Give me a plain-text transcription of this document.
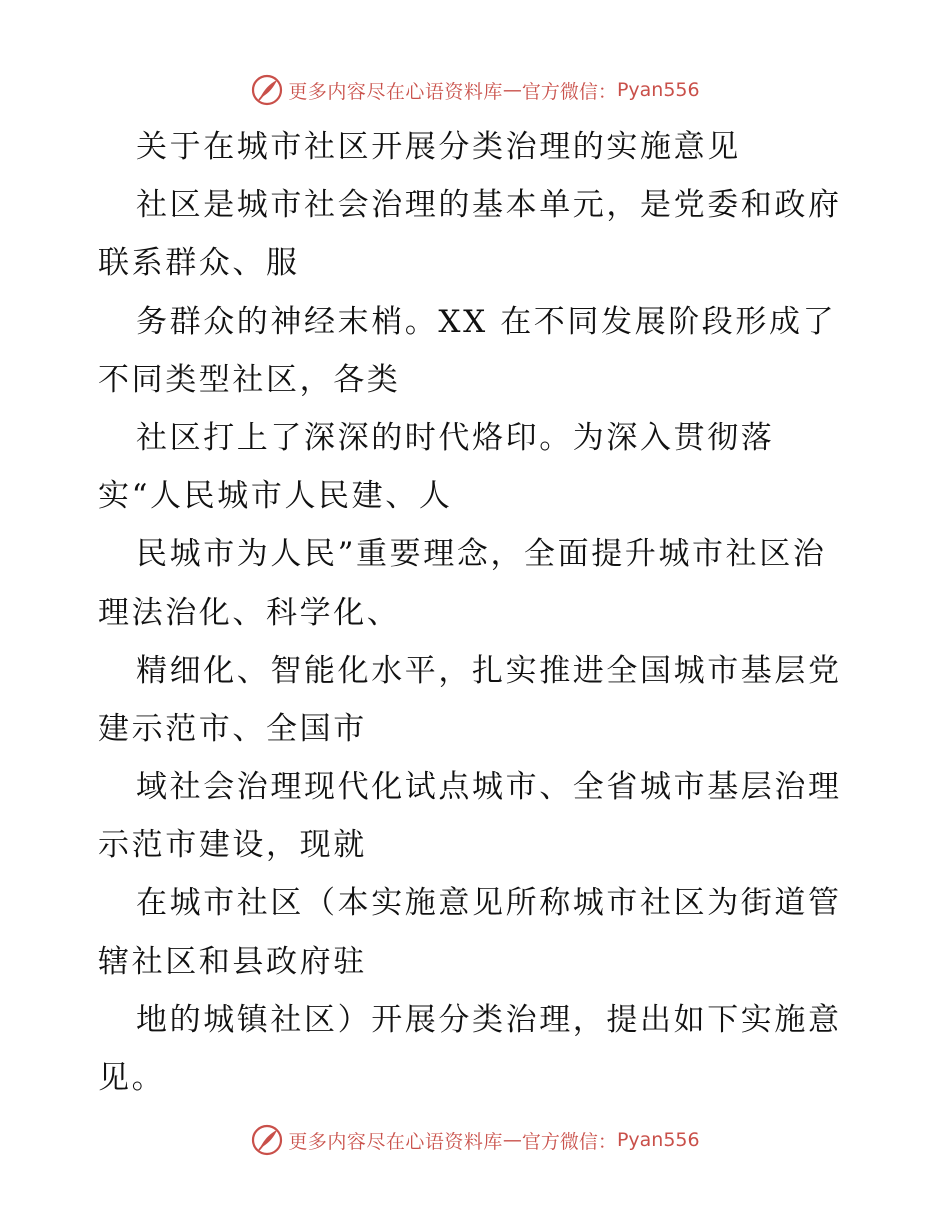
更多内容尽在心语资料库 — 官方微信： Pyan556
关于在城市社区开展分类治理的实施意见
社区是城市社会治理的基本单元，是党委和政府
联系群众、服
务群众的神经末梢。XX 在不同发展阶段形成了
不同类型社区，各类
社区打上了深深的时代烙印。为深入贯彻落
实“人民城市人民建、人
民城市为人民”重要理念，全面提升城市社区治
理法治化、科学化、
精细化、智能化水平，扎实推进全国城市基层党
建示范市、全国市
域社会治理现代化试点城市、全省城市基层治理
示范市建设，现就
在城市社区（本实施意见所称城市社区为街道管
辖社区和县政府驻
地的城镇社区）开展分类治理，提出如下实施意
见。
更多内容尽在心语资料库 — 官方微信： Pyan556
